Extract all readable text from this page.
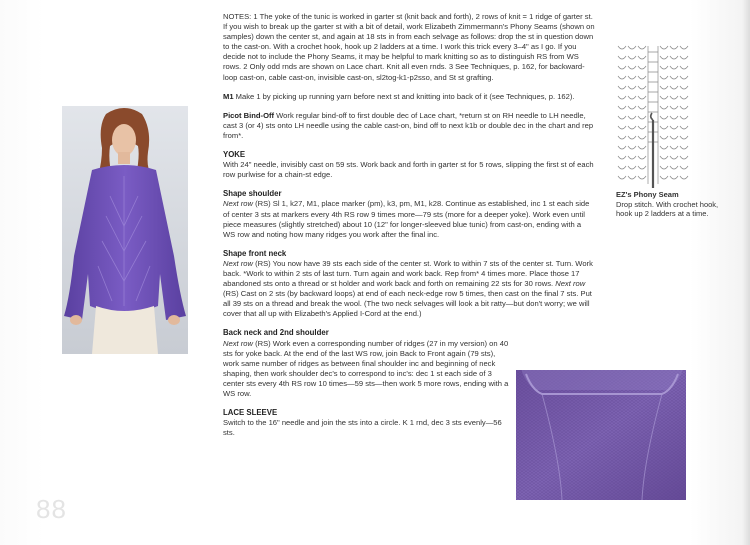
NOTES: 1 The yoke of the tunic is worked in garter st (knit back and forth), 2 rows of knit = 1 ridge of garter st. If you wish to break up the garter st with a bit of detail, work Elizabeth Zimmermann's Phony Seams (shown on samples) down the center st, and again at 18 sts in from each selvage as follows: drop the st in question down to the cast-on. With a crochet hook, hook up 2 ladders at a time. I work this trick every 3–4" as I go. If you decide not to include the Phony Seams, it may be helpful to mark knitting so as to distinguish RS from WS rows. 2 Only odd rnds are shown on Lace chart. Knit all even rnds. 3 See Techniques, p. 162, for backward-loop cast-on, cable cast-on, invisible cast-on, sl2tog-k1-p2sso, and St st grafting.

M1 Make 1 by picking up running yarn before next st and knitting into back of it (see Techniques, p. 162).

Picot Bind-Off Work regular bind-off to first double dec of Lace chart, *return st on RH needle to LH needle, cast 3 (or 4) sts onto LH needle using the cable cast-on, bind off to next k1b or double dec in the chart and rep from*.

YOKE

With 24" needle, invisibly cast on 59 sts. Work back and forth in garter st for 5 rows, slipping the first st of each row purlwise for a chain-st edge.

Shape shoulder

Next row (RS) Sl 1, k27, M1, place marker (pm), k3, pm, M1, k28. Continue as established, inc 1 st each side of center 3 sts at markers every 4th RS row 9 times more—79 sts (more for a deeper yoke). Work even until piece measures (slightly stretched) about 10 (12" for longer-sleeved blue tunic) from cast-on, ending with a WS row and noting how many ridges you work after the final inc.

Shape front neck

Next row (RS) You now have 39 sts each side of the center st. Work to within 7 sts of the center st. Turn. Work back. *Work to within 2 sts of last turn. Turn again and work back. Rep from* 4 times more. Place those 17 abandoned sts onto a thread or st holder and work back and forth on remaining 22 sts for 30 rows. Next row (RS) Cast on 2 sts (by backward loops) at end of each neck-edge row 5 times, then cast on the final 7 sts. Put all 39 sts on a thread and break the wool. (The two neck selvages will look a bit ratty—but don't worry; we will cover that all up with Elizabeth's Applied I-Cord at the end.)

Back neck and 2nd shoulder

Next row (RS) Work even a corresponding number of ridges (27 in my version) on 40 sts for yoke back. At the end of the last WS row, join Back to Front again (79 sts), work same number of ridges as between final shoulder inc and beginning of neck shaping, then work shoulder dec's to correspond to inc's: dec 1 st each side of 3 center sts every 4th RS row 10 times—59 sts—then work 5 more rows, ending with a WS row.

LACE SLEEVE

Switch to the 16" needle and join the sts into a circle. K 1 rnd, dec 3 sts evenly—56 sts.

EZ's Phony Seam
Drop stitch. With crochet hook, hook up 2 ladders at a time.
88
